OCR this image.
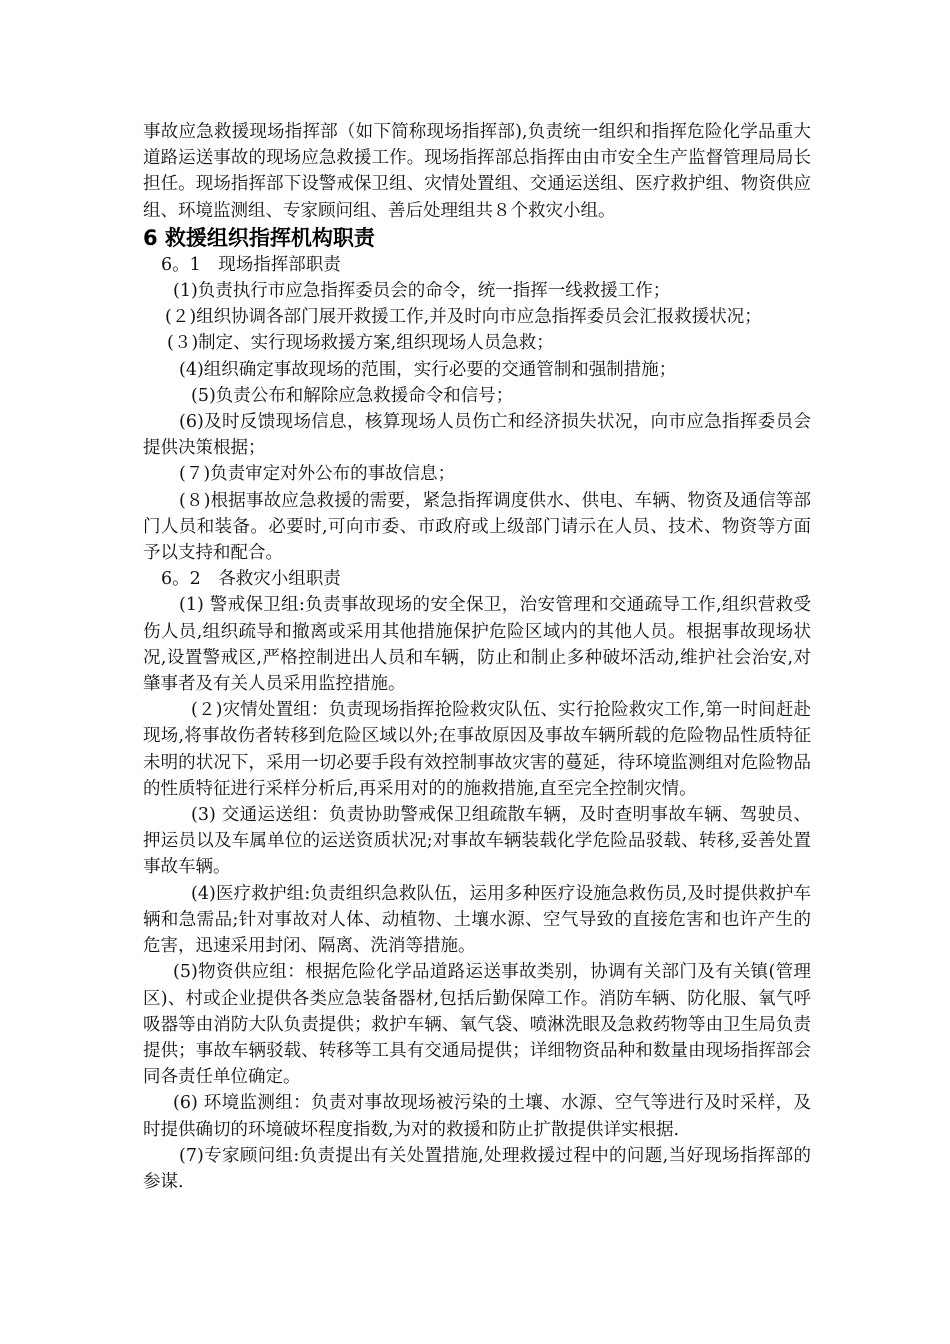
事故应急救援现场指挥部（如下简称现场指挥部),负责统一组织和指挥危险化学品重大道路运送事故的现场应急救援工作。现场指挥部总指挥由由市安全生产监督管理局局长担任。现场指挥部下设警戒保卫组、灾情处置组、交通运送组、医疗救护组、物资供应组、环境监测组、专家顾问组、善后处理组共８个救灾小组。

6 救援组织指挥机构职责

6。1　现场指挥部职责

(1)负责执行市应急指挥委员会的命令，统一指挥一线救援工作；

(２)组织协调各部门展开救援工作,并及时向市应急指挥委员会汇报救援状况；

(３)制定、实行现场救援方案,组织现场人员急救；

(4)组织确定事故现场的范围，实行必要的交通管制和强制措施；

(5)负责公布和解除应急救援命令和信号；

(6)及时反馈现场信息，核算现场人员伤亡和经济损失状况，向市应急指挥委员会提供决策根据；

(７)负责审定对外公布的事故信息；

(８)根据事故应急救援的需要，紧急指挥调度供水、供电、车辆、物资及通信等部门人员和装备。必要时,可向市委、市政府或上级部门请示在人员、技术、物资等方面予以支持和配合。

6。2　各救灾小组职责

(1) 警戒保卫组:负责事故现场的安全保卫，治安管理和交通疏导工作,组织营救受伤人员,组织疏导和撤离或采用其他措施保护危险区域内的其他人员。根据事故现场状况,设置警戒区,严格控制进出人员和车辆，防止和制止多种破坏活动,维护社会治安,对肇事者及有关人员采用监控措施。

(２)灾情处置组：负责现场指挥抢险救灾队伍、实行抢险救灾工作,第一时间赶赴现场,将事故伤者转移到危险区域以外;在事故原因及事故车辆所载的危险物品性质特征未明的状况下，采用一切必要手段有效控制事故灾害的蔓延，待环境监测组对危险物品的性质特征进行采样分析后,再采用对的的施救措施,直至完全控制灾情。

(3) 交通运送组：负责协助警戒保卫组疏散车辆，及时查明事故车辆、驾驶员、押运员以及车属单位的运送资质状况;对事故车辆装载化学危险品驳载、转移,妥善处置事故车辆。

(4)医疗救护组:负责组织急救队伍，运用多种医疗设施急救伤员,及时提供救护车辆和急需品;针对事故对人体、动植物、土壤水源、空气导致的直接危害和也许产生的危害，迅速采用封闭、隔离、洗消等措施。

(5)物资供应组：根据危险化学品道路运送事故类别，协调有关部门及有关镇(管理区)、村或企业提供各类应急装备器材,包括后勤保障工作。消防车辆、防化服、氧气呼吸器等由消防大队负责提供；救护车辆、氧气袋、喷淋洗眼及急救药物等由卫生局负责提供；事故车辆驳载、转移等工具有交通局提供；详细物资品种和数量由现场指挥部会同各责任单位确定。

(6) 环境监测组：负责对事故现场被污染的土壤、水源、空气等进行及时采样，及时提供确切的环境破坏程度指数,为对的救援和防止扩散提供详实根据.

(7)专家顾问组:负责提出有关处置措施,处理救援过程中的问题,当好现场指挥部的参谋.
